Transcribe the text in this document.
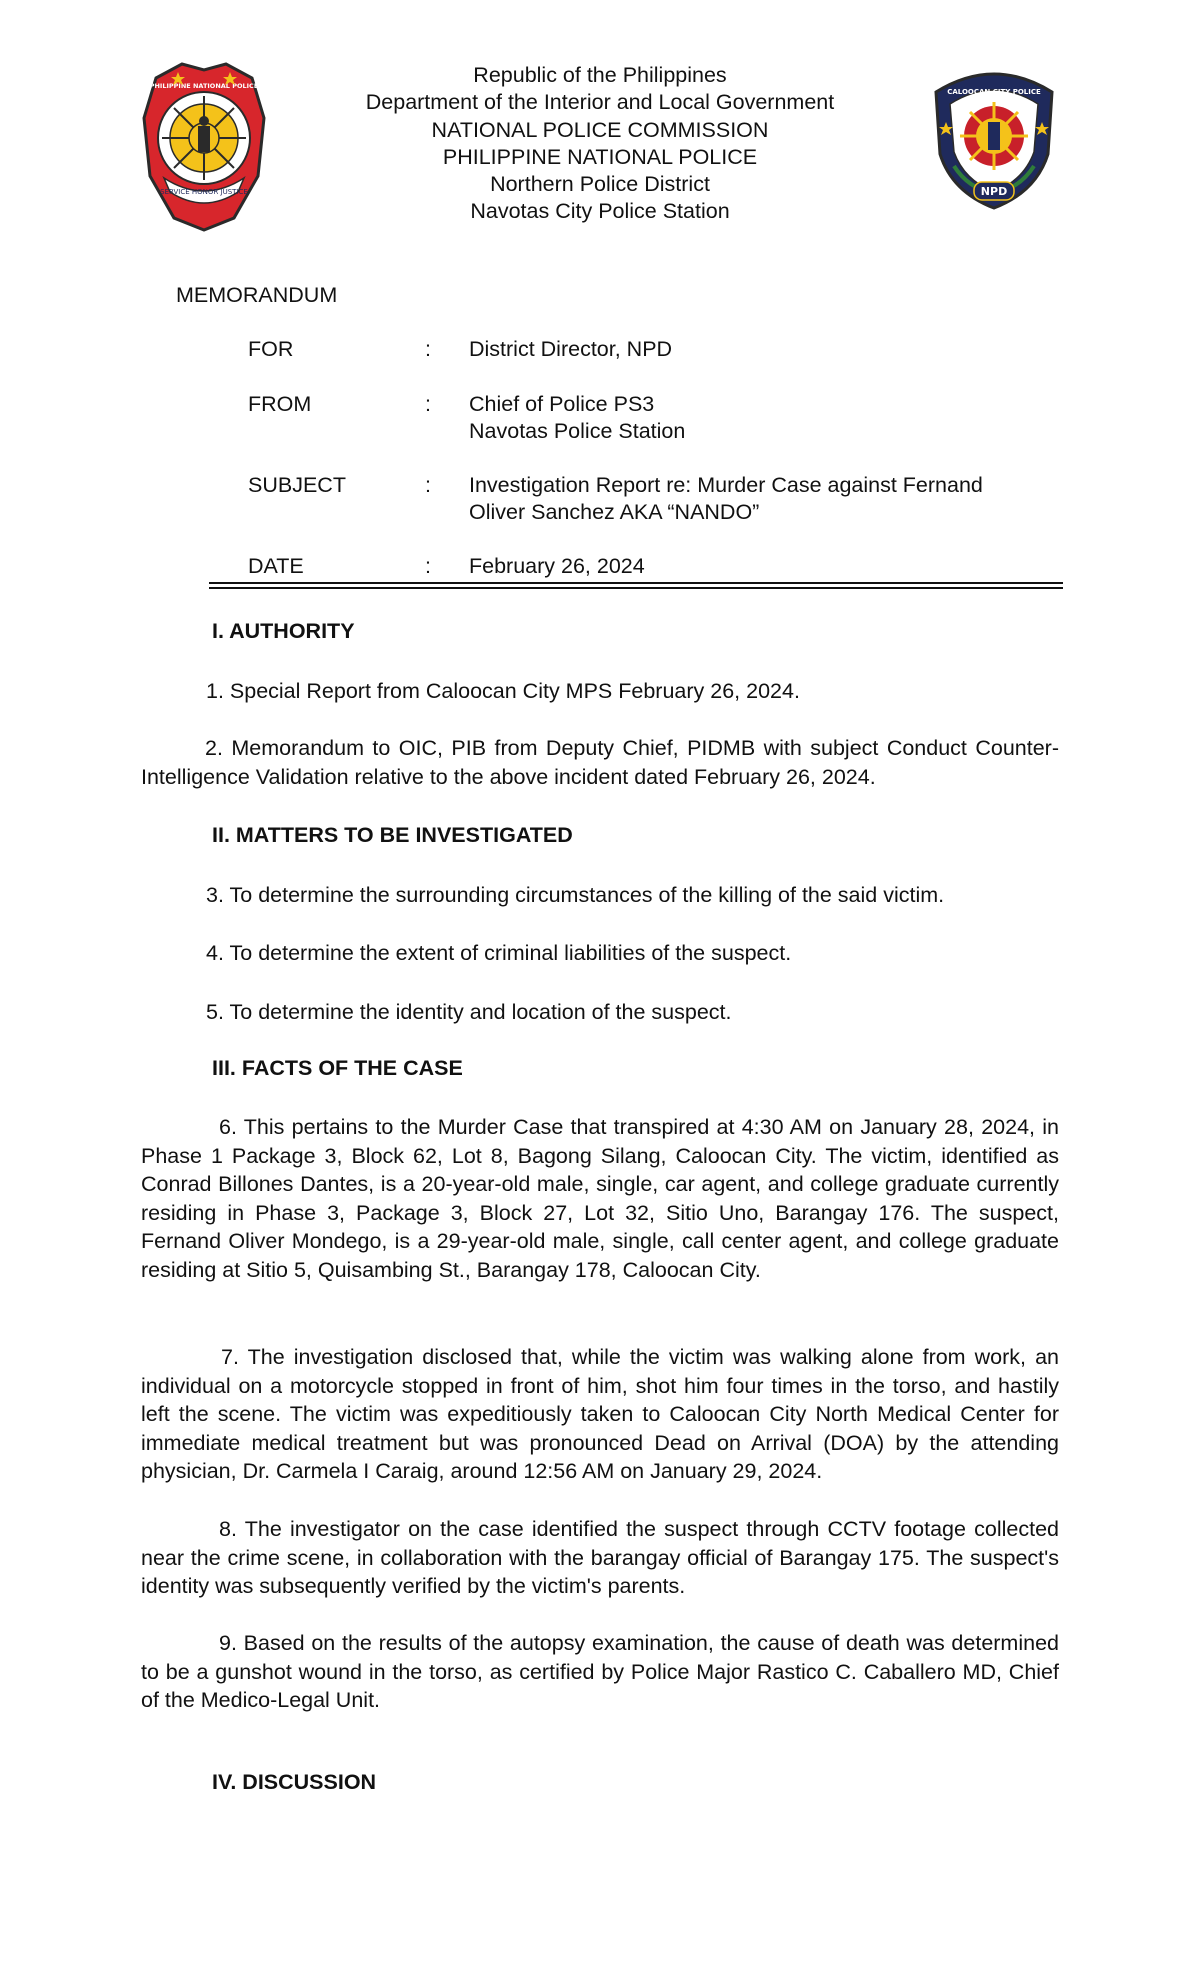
SERVICE HONOR JUSTICE
PHILIPPINE NATIONAL POLICE	Republic of the Philippines
Department of the Interior and Local Government
NATIONAL POLICE COMMISSION
PHILIPPINE NATIONAL POLICE
Northern Police District
Navotas City Police Station
NPD
CALOOCAN CITY POLICE
MEMORANDUM
FOR	: District Director, NPD
FROM	: Chief of Police PS3
Navotas Police Station
SUBJECT	: Investigation Report re: Murder Case against Fernand
Oliver Sanchez AKA “NANDO”
DATE	: February 26, 2024
I. AUTHORITY
1. Special Report from Caloocan City MPS February 26, 2024.
2. Memorandum to OIC, PIB from Deputy Chief, PIDMB with subject Conduct Counter-Intelligence Validation relative to the above incident dated February 26, 2024.
II. MATTERS TO BE INVESTIGATED
3. To determine the surrounding circumstances of the killing of the said victim.
4. To determine the extent of criminal liabilities of the suspect.
5. To determine the identity and location of the suspect.
III. FACTS OF THE CASE
6. This pertains to the Murder Case that transpired at 4:30 AM on January 28, 2024, in Phase 1 Package 3, Block 62, Lot 8, Bagong Silang, Caloocan City. The victim, identified as Conrad Billones Dantes, is a 20-year-old male, single, car agent, and college graduate currently residing in Phase 3, Package 3, Block 27, Lot 32, Sitio Uno, Barangay 176. The suspect, Fernand Oliver Mondego, is a 29-year-old male, single, call center agent, and college graduate residing at Sitio 5, Quisambing St., Barangay 178, Caloocan City.
7. The investigation disclosed that, while the victim was walking alone from work, an individual on a motorcycle stopped in front of him, shot him four times in the torso, and hastily left the scene. The victim was expeditiously taken to Caloocan City North Medical Center for immediate medical treatment but was pronounced Dead on Arrival (DOA) by the attending physician, Dr. Carmela I Caraig, around 12:56 AM on January 29, 2024.
8. The investigator on the case identified the suspect through CCTV footage collected near the crime scene, in collaboration with the barangay official of Barangay 175. The suspect's identity was subsequently verified by the victim's parents.
9. Based on the results of the autopsy examination, the cause of death was determined to be a gunshot wound in the torso, as certified by Police Major Rastico C. Caballero MD, Chief of the Medico-Legal Unit.
IV. DISCUSSION
